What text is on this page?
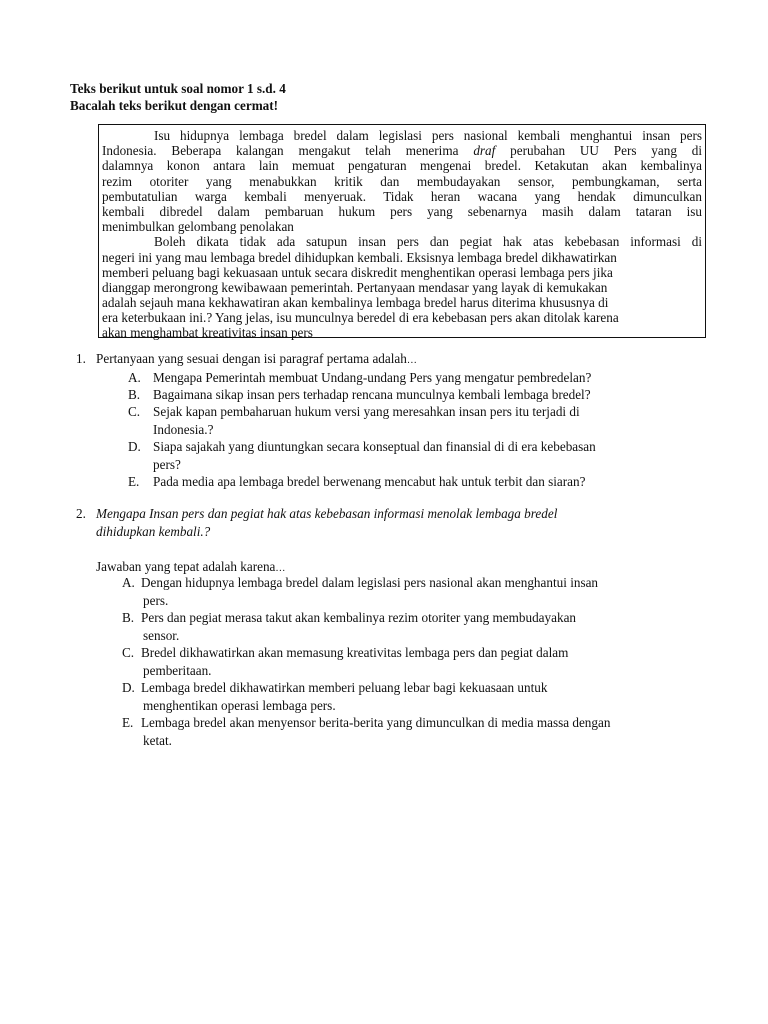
Teks berikut untuk soal nomor 1 s.d. 4
Bacalah teks berikut dengan cermat!
Isu hidupnya lembaga bredel dalam legislasi pers nasional kembali menghantui insan pers
Indonesia. Beberapa kalangan mengakut telah menerima draf perubahan UU Pers yang di
dalamnya konon antara lain memuat pengaturan mengenai bredel. Ketakutan akan kembalinya
rezim otoriter yang menabukkan kritik dan membudayakan sensor, pembungkaman, serta
pembutatulian warga kembali menyeruak. Tidak heran wacana yang hendak dimunculkan
kembali dibredel dalam pembaruan hukum pers yang sebenarnya masih dalam tataran isu
menimbulkan gelombang penolakan
Boleh dikata tidak ada satupun insan pers dan pegiat hak atas kebebasan informasi di
negeri ini yang mau lembaga bredel dihidupkan kembali. Eksisnya lembaga bredel dikhawatirkan
memberi peluang bagi kekuasaan untuk secara diskredit menghentikan operasi lembaga pers jika
dianggap merongrong kewibawaan pemerintah. Pertanyaan mendasar yang layak di kemukakan
adalah sejauh mana kekhawatiran akan kembalinya lembaga bredel harus diterima khususnya di
era keterbukaan ini.? Yang jelas, isu munculnya beredel di era kebebasan pers akan ditolak karena
akan menghambat kreativitas insan pers
1. Pertanyaan yang sesuai dengan isi paragraf pertama adalah…
A. Mengapa Pemerintah membuat Undang-undang Pers yang mengatur pembredelan?
B. Bagaimana sikap insan pers terhadap rencana munculnya kembali lembaga bredel?
C. Sejak kapan pembaharuan hukum versi yang meresahkan insan pers itu terjadi di
Indonesia.?
D. Siapa sajakah yang diuntungkan secara konseptual dan finansial di di era kebebasan
pers?
E. Pada media apa lembaga bredel berwenang mencabut hak untuk terbit dan siaran?
2. Mengapa Insan pers dan pegiat hak atas kebebasan informasi menolak lembaga bredel
dihidupkan kembali.?
Jawaban yang tepat adalah karena…
A. Dengan hidupnya lembaga bredel dalam legislasi pers nasional akan menghantui insan
pers.
B. Pers dan pegiat merasa takut akan kembalinya rezim otoriter yang membudayakan
sensor.
C. Bredel dikhawatirkan akan memasung kreativitas lembaga pers dan pegiat dalam
pemberitaan.
D. Lembaga bredel dikhawatirkan memberi peluang lebar bagi kekuasaan untuk
menghentikan operasi lembaga pers.
E. Lembaga bredel akan menyensor berita-berita yang dimunculkan di media massa dengan
ketat.
